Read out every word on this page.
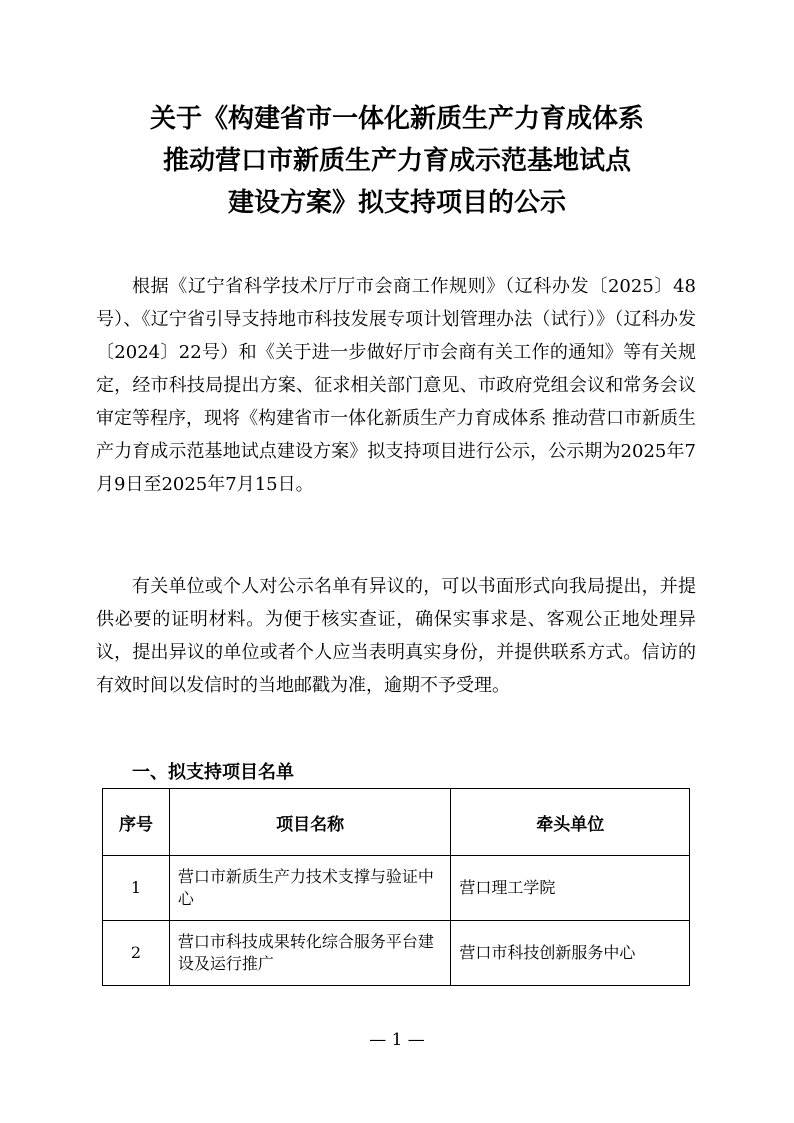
关于《构建省市一体化新质生产力育成体系
推动营口市新质生产力育成示范基地试点
建设方案》拟支持项目的公示
根据《辽宁省科学技术厅厅市会商工作规则》（辽科办发〔2025〕48号）、《辽宁省引导支持地市科技发展专项计划管理办法（试行）》（辽科办发〔2024〕22号）和《关于进一步做好厅市会商有关工作的通知》等有关规定，经市科技局提出方案、征求相关部门意见、市政府党组会议和常务会议审定等程序，现将《构建省市一体化新质生产力育成体系 推动营口市新质生产力育成示范基地试点建设方案》拟支持项目进行公示，公示期为2025年7月9日至2025年7月15日。
有关单位或个人对公示名单有异议的，可以书面形式向我局提出，并提供必要的证明材料。为便于核实查证，确保实事求是、客观公正地处理异议，提出异议的单位或者个人应当表明真实身份，并提供联系方式。信访的有效时间以发信时的当地邮戳为准，逾期不予受理。
一、拟支持项目名单
序号	项目名称	牵头单位
1	营口市新质生产力技术支撑与验证中心	营口理工学院
2	营口市科技成果转化综合服务平台建设及运行推广	营口市科技创新服务中心
— 1 —
